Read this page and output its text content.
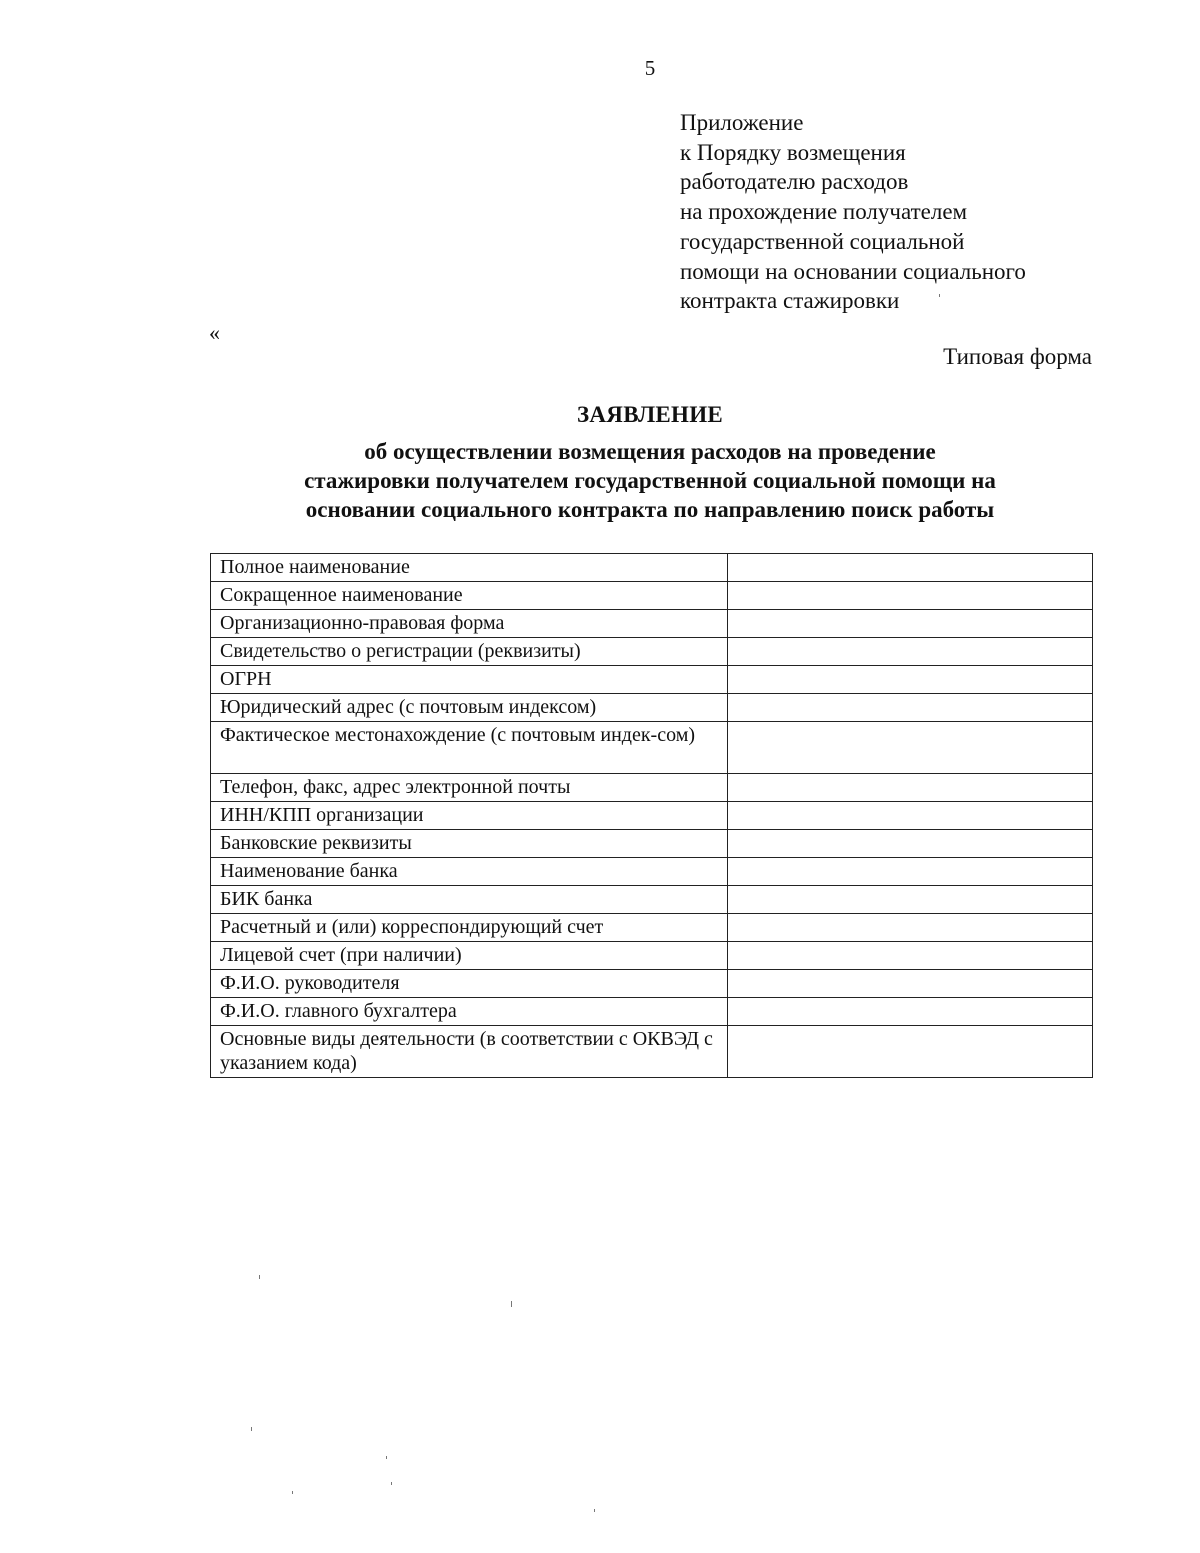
5
Приложение
к Порядку возмещения
работодателю расходов
на прохождение получателем
государственной социальной
помощи на основании социального
контракта стажировки
«
Типовая форма
ЗАЯВЛЕНИЕ
об осуществлении возмещения расходов на проведение
стажировки получателем государственной социальной помощи на
основании социального контракта по направлению поиск работы
Полное наименование	
Сокращенное наименование	
Организационно-правовая форма	
Свидетельство о регистрации (реквизиты)	
ОГРН	
Юридический адрес (с почтовым индексом)	
Фактическое местонахождение (с почтовым индек-сом)	
Телефон, факс, адрес электронной почты	
ИНН/КПП организации	
Банковские реквизиты	
Наименование банка	
БИК банка	
Расчетный и (или) корреспондирующий счет	
Лицевой счет (при наличии)	
Ф.И.О. руководителя	
Ф.И.О. главного бухгалтера	
Основные виды деятельности (в соответствии с ОКВЭД с указанием кода)	
